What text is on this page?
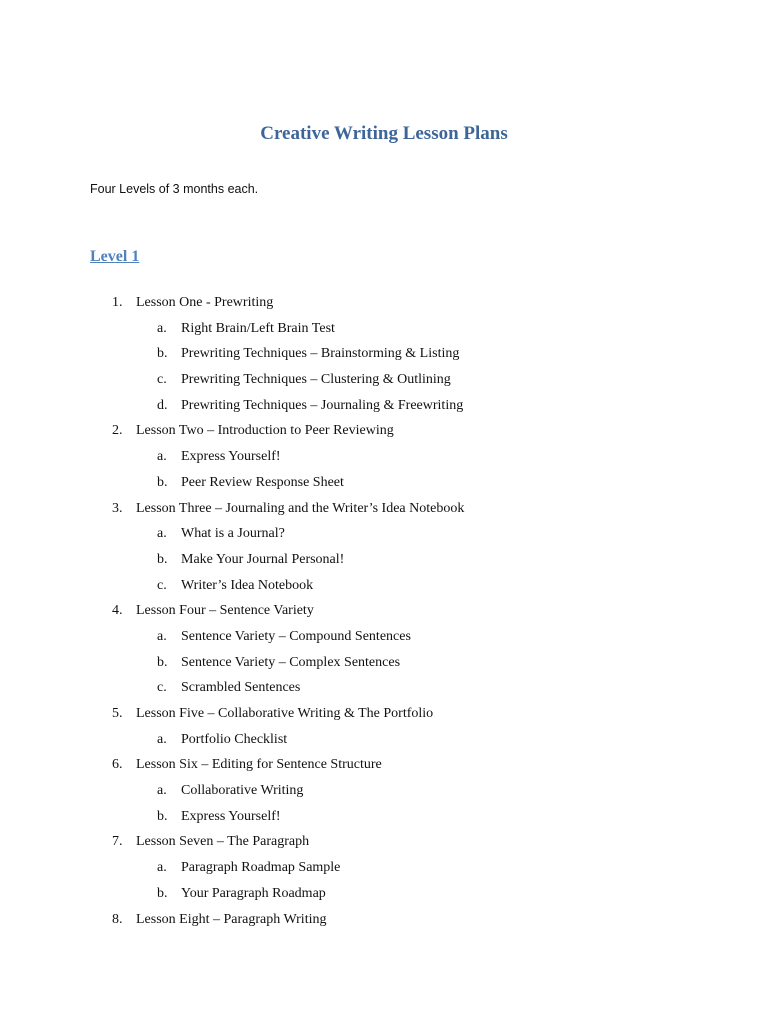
Creative Writing Lesson Plans

Four Levels of 3 months each.

Level 1
1. Lesson One - Prewriting
a.	Right Brain/Left Brain Test
b. Prewriting Techniques – Brainstorming & Listing
c.	Prewriting Techniques – Clustering & Outlining
d. Prewriting Techniques – Journaling & Freewriting
2. Lesson Two – Introduction to Peer Reviewing
a.	Express Yourself!
b. Peer Review Response Sheet
3. Lesson Three – Journaling and the Writer’s Idea Notebook
a.	What is a Journal?
b. Make Your Journal Personal!
c.	Writer’s Idea Notebook
4. Lesson Four – Sentence Variety
a.	Sentence Variety – Compound Sentences
b. Sentence Variety – Complex Sentences
c.	Scrambled Sentences
5. Lesson Five – Collaborative Writing & The Portfolio
a.	Portfolio Checklist
6. Lesson Six – Editing for Sentence Structure
a.	Collaborative Writing
b. Express Yourself!
7. Lesson Seven – The Paragraph
a.	Paragraph Roadmap Sample
b. Your Paragraph Roadmap
8. Lesson Eight – Paragraph Writing
